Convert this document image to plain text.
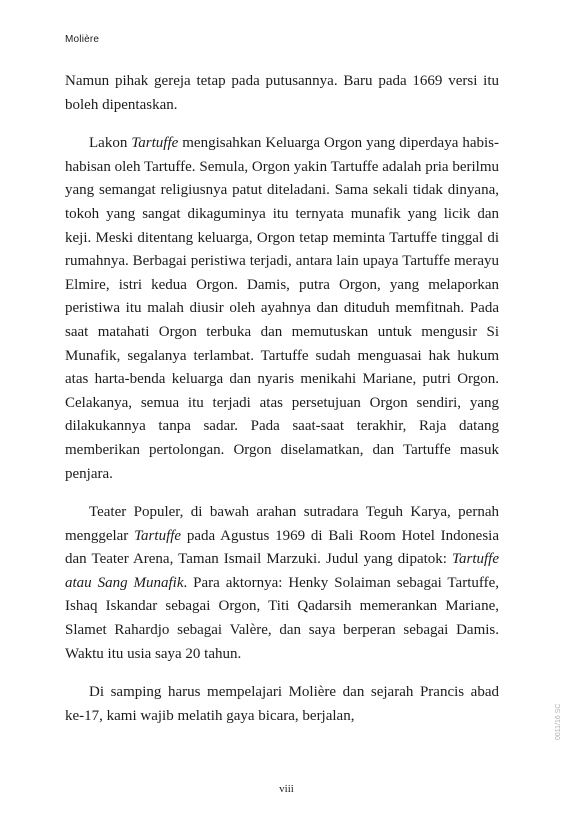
Molière

Namun pihak gereja tetap pada putusannya. Baru pada 1669 versi itu boleh dipentaskan.

Lakon Tartuffe mengisahkan Keluarga Orgon yang diperdaya habis-habisan oleh Tartuffe. Semula, Orgon yakin Tartuffe adalah pria berilmu yang semangat religiusnya patut diteladani. Sama sekali tidak dinyana, tokoh yang sangat dikaguminya itu ternyata munafik yang licik dan keji. Meski ditentang keluarga, Orgon tetap meminta Tartuffe tinggal di rumahnya. Berbagai peristiwa terjadi, antara lain upaya Tartuffe merayu Elmire, istri kedua Orgon. Damis, putra Orgon, yang melaporkan peristiwa itu malah diusir oleh ayahnya dan dituduh memfitnah. Pada saat matahati Orgon terbuka dan memutuskan untuk mengusir Si Munafik, segalanya terlambat. Tartuffe sudah menguasai hak hukum atas harta-benda keluarga dan nyaris menikahi Mariane, putri Orgon. Celakanya, semua itu terjadi atas persetujuan Orgon sendiri, yang dilakukannya tanpa sadar. Pada saat-saat terakhir, Raja datang memberikan pertolongan. Orgon diselamatkan, dan Tartuffe masuk penjara.

Teater Populer, di bawah arahan sutradara Teguh Karya, pernah menggelar Tartuffe pada Agustus 1969 di Bali Room Hotel Indonesia dan Teater Arena, Taman Ismail Marzuki. Judul yang dipatok: Tartuffe atau Sang Munafik. Para aktornya: Henky Solaiman sebagai Tartuffe, Ishaq Iskandar sebagai Orgon, Titi Qadarsih memerankan Mariane, Slamet Rahardjo sebagai Valère, dan saya berperan sebagai Damis. Waktu itu usia saya 20 tahun.

Di samping harus mempelajari Molière dan sejarah Prancis abad ke-17, kami wajib melatih gaya bicara, berjalan,

viii
0011/16 SC
